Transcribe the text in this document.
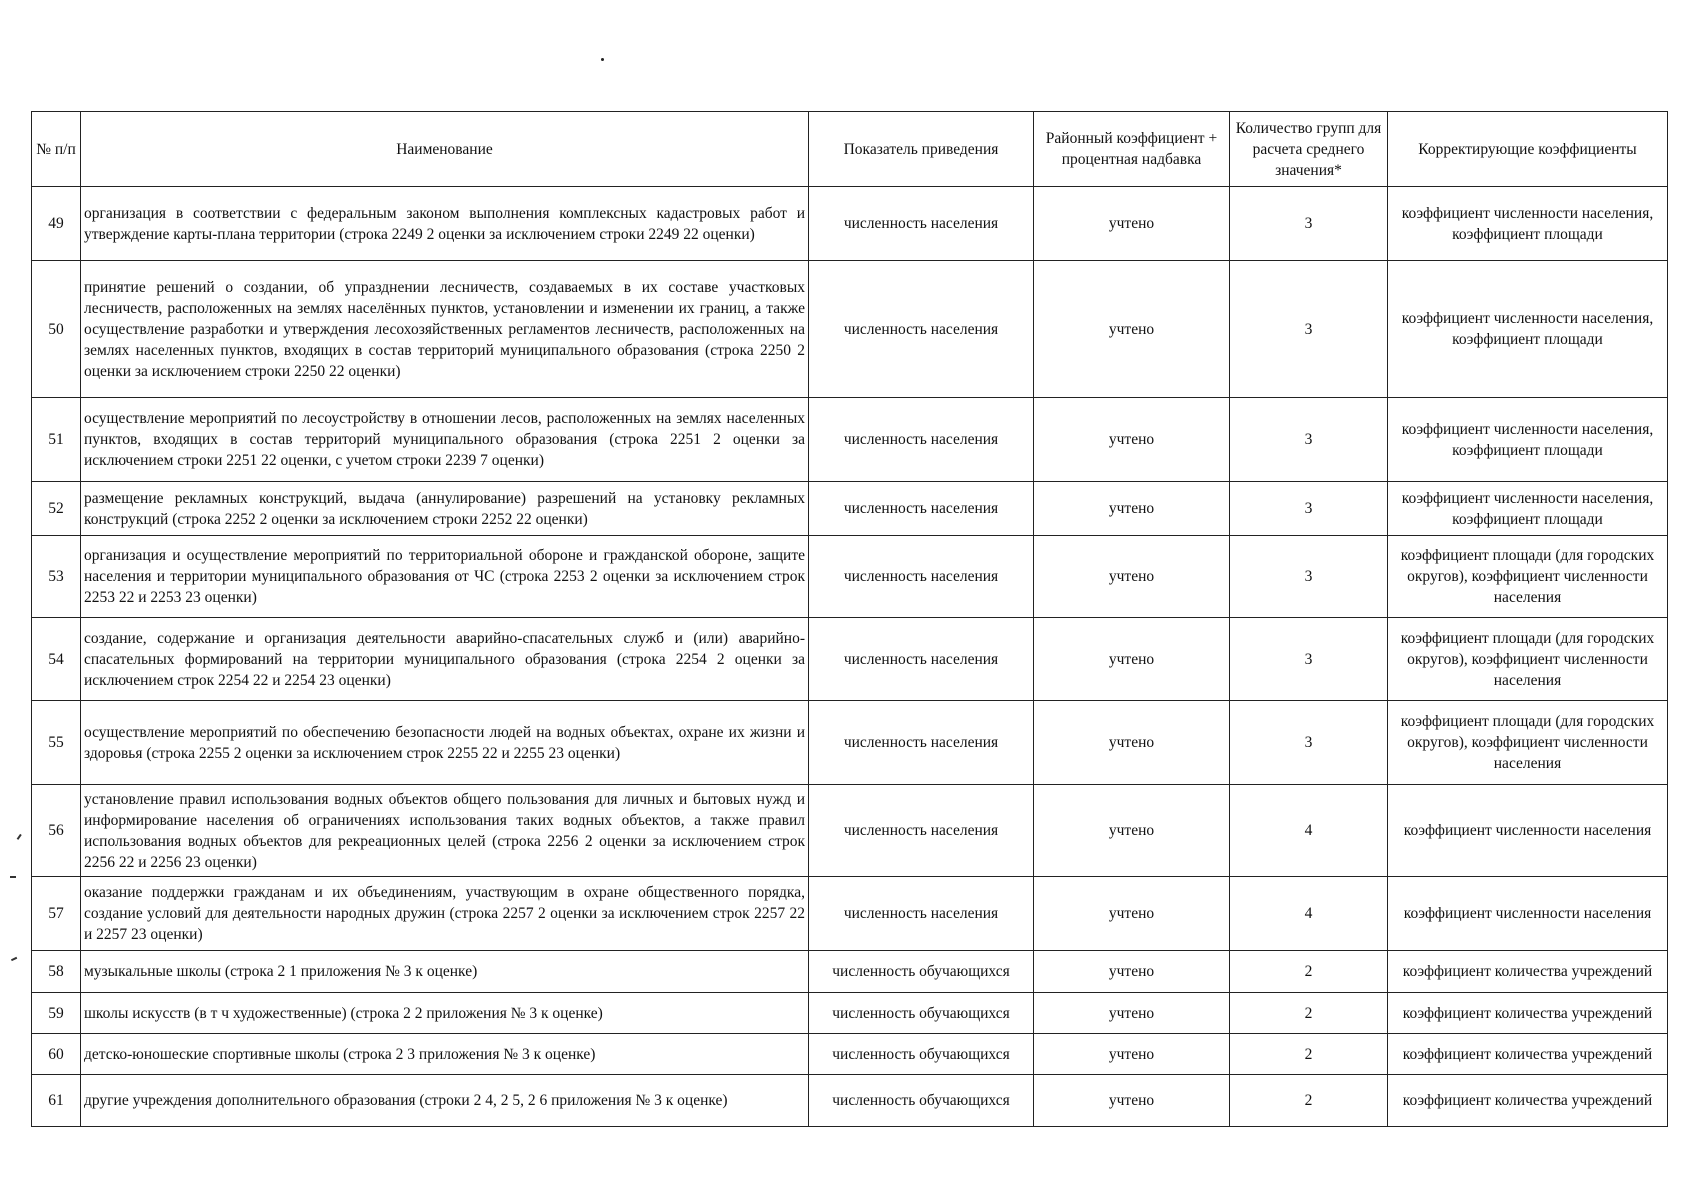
№ п/п	Наименование	Показатель приведения	Районный коэффициент + процентная надбавка	Количество групп для расчета среднего значения*	Корректирующие коэффициенты
49	организация в соответствии с федеральным законом выполнения комплексных кадастровых работ и утверждение карты-плана территории (строка 2249 2 оценки за исключением строки 2249 22 оценки)	численность населения	учтено	3	коэффициент численности населения, коэффициент площади
50	принятие решений о создании, об упразднении лесничеств, создаваемых в их составе участковых лесничеств, расположенных на землях населённых пунктов, установлении и изменении их границ, а также осуществление разработки и утверждения лесохозяйственных регламентов лесничеств, расположенных на землях населенных пунктов, входящих в состав территорий муниципального образования (строка 2250 2 оценки за исключением строки 2250 22 оценки)	численность населения	учтено	3	коэффициент численности населения, коэффициент площади
51	осуществление мероприятий по лесоустройству в отношении лесов, расположенных на землях населенных пунктов, входящих в состав территорий муниципального образования (строка 2251 2 оценки за исключением строки 2251 22 оценки, с учетом строки 2239 7 оценки)	численность населения	учтено	3	коэффициент численности населения, коэффициент площади
52	размещение рекламных конструкций, выдача (аннулирование) разрешений на установку рекламных конструкций (строка 2252 2 оценки за исключением строки 2252 22 оценки)	численность населения	учтено	3	коэффициент численности населения, коэффициент площади
53	организация и осуществление мероприятий по территориальной обороне и гражданской обороне, защите населения и территории муниципального образования от ЧС (строка 2253 2 оценки за исключением строк 2253 22 и 2253 23 оценки)	численность населения	учтено	3	коэффициент площади (для городских округов), коэффициент численности населения
54	создание, содержание и организация деятельности аварийно-спасательных служб и (или) аварийно-спасательных формирований на территории муниципального образования (строка 2254 2 оценки за исключением строк 2254 22 и 2254 23 оценки)	численность населения	учтено	3	коэффициент площади (для городских округов), коэффициент численности населения
55	осуществление мероприятий по обеспечению безопасности людей на водных объектах, охране их жизни и здоровья (строка 2255 2 оценки за исключением строк 2255 22 и 2255 23 оценки)	численность населения	учтено	3	коэффициент площади (для городских округов), коэффициент численности населения
56	установление правил использования водных объектов общего пользования для личных и бытовых нужд и информирование населения об ограничениях использования таких водных объектов, а также правил использования водных объектов для рекреационных целей (строка 2256 2 оценки за исключением строк 2256 22 и 2256 23 оценки)	численность населения	учтено	4	коэффициент численности населения
57	оказание поддержки гражданам и их объединениям, участвующим в охране общественного порядка, создание условий для деятельности народных дружин (строка 2257 2 оценки за исключением строк 2257 22 и 2257 23 оценки)	численность населения	учтено	4	коэффициент численности населения
58	музыкальные школы (строка 2 1 приложения № 3 к оценке)	численность обучающихся	учтено	2	коэффициент количества учреждений
59	школы искусств (в т ч художественные) (строка 2 2 приложения № 3 к оценке)	численность обучающихся	учтено	2	коэффициент количества учреждений
60	детско-юношеские спортивные школы (строка 2 3 приложения № 3 к оценке)	численность обучающихся	учтено	2	коэффициент количества учреждений
61	другие учреждения дополнительного образования (строки 2 4, 2 5, 2 6 приложения № 3 к оценке)	численность обучающихся	учтено	2	коэффициент количества учреждений
